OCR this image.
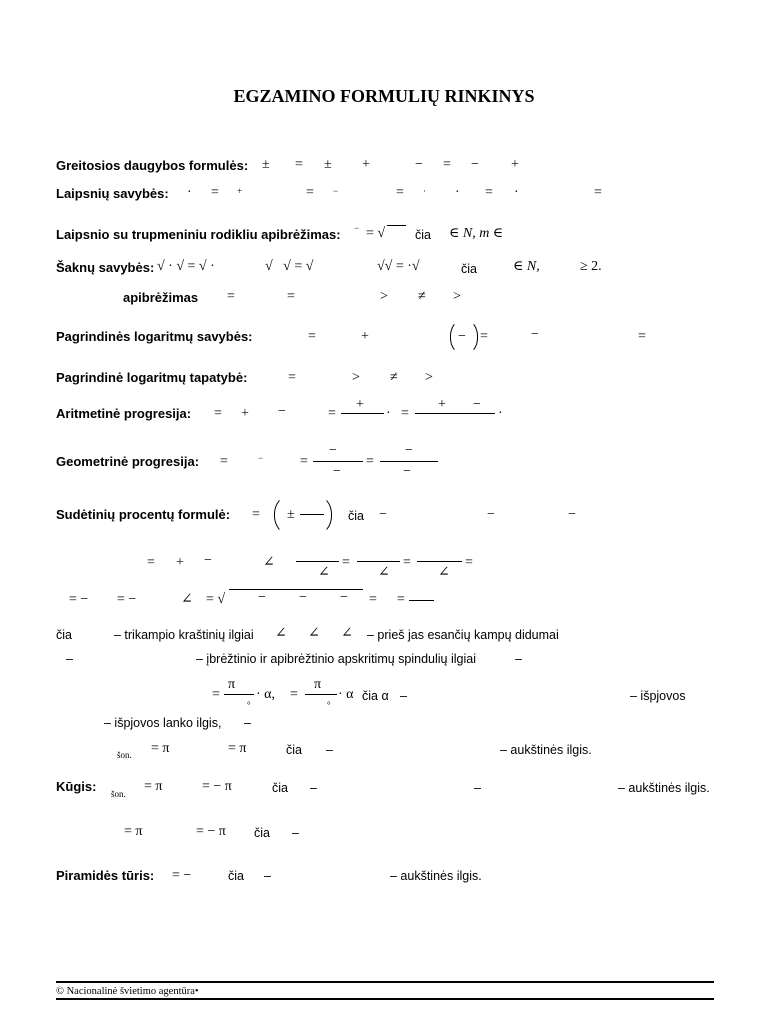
EGZAMINO FORMULIŲ RINKINYS
Greitosios daugybos formulės: ± = ± +	− = − +
Laipsnių savybės: · = +	= −	= · · = ·	=
Laipsnio su trupmeniniu rodikliu apibrėžimas: − = √ čia ∈ N, m ∈
Šaknų savybės: √ · √ = √ ·	√   √ = √	√√ = ·√	čia	∈ N,	≥ 2.
apibrėžimas =	=	> ≠ >
Pagrindinės logaritmų savybės:	=	+	− =	−	=
Pagrindinė logaritmų tapatybė:	=	> ≠ >
Aritmetinė progresija: = + −	=
+
· =
+ −
·
Geometrinė progresija: =	−	=
−
−
=
−
−
Sudėtinių procentų formulė: = ±	čia −	−	−
= + −	∠
∠
=
∠
=
∠
=
= − = −	∠ = √ − − − = =
čia	– trikampio kraštinių ilgiai ∠ ∠ ∠ – prieš jas esančių kampų didumai
–	– įbrėžtinio ir apibrėžtinio apskritimų spindulių ilgiai	–
=
π
°
· α, =
π
°
· α čia α –	– išpjovos
– išpjovos lanko ilgis, –
šon. = π	= π	čia –	– aukštinės ilgis.
Kūgis: šon. = π	= − π	čia –	–	– aukštinės ilgis.
= π	= − π čia –
Piramidės tūris: = −	čia –	– aukštinės ilgis.
© Nacionalinė švietimo agentūra•
